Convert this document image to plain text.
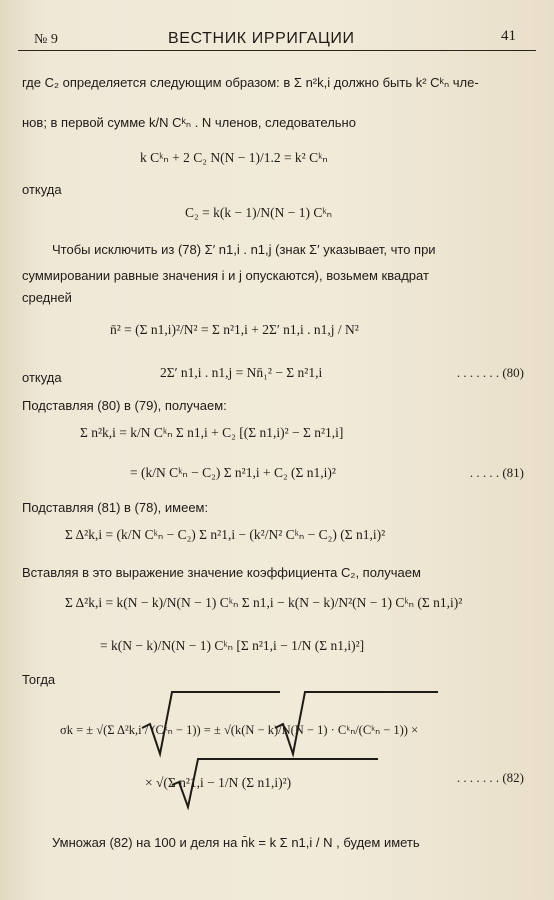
№ 9	ВЕСТНИК ИРРИГАЦИИ	41
где C₂ определяется следующим образом: в Σ n²k,i должно быть k² Cᵏₙ чле-
нов; в первой сумме k/N Cᵏₙ . N членов, следовательно
k Cᵏₙ + 2 C₂ N(N − 1)/1.2 = k² Cᵏₙ
откуда
C₂ = k(k − 1)/N(N − 1) Cᵏₙ
Чтобы исключить из (78) Σ′ n1,i . n1,j (знак Σ′ указывает, что при
суммировании равные значения i и j опускаются), возьмем квадрат
средней
n̄² = (Σ n1,i)²/N² = Σ n²1,i + 2Σ′ n1,i . n1,j / N²
откуда	2Σ′ n1,i . n1,j = Nn̄₁² − Σ n²1,i	. . . . . . . (80)
Подставляя (80) в (79), получаем:
Σ n²k,i = k/N Cᵏₙ Σ n1,i + C₂ [(Σ n1,i)² − Σ n²1,i]
= (k/N Cᵏₙ − C₂) Σ n²1,i + C₂ (Σ n1,i)²	. . . . . (81)
Подставляя (81) в (78), имеем:
Σ Δ²k,i = (k/N Cᵏₙ − C₂) Σ n²1,i − (k²/N² Cᵏₙ − C₂) (Σ n1,i)²
Вставляя в это выражение значение коэффициента C₂, получаем
Σ Δ²k,i = k(N − k)/N(N − 1) Cᵏₙ Σ n1,i − k(N − k)/N²(N − 1) Cᵏₙ (Σ n1,i)²
= k(N − k)/N(N − 1) Cᵏₙ [Σ n²1,i − 1/N (Σ n1,i)²]
Тогда
σk = ± √(Σ Δ²k,i / (Cᵏₙ − 1)) = ± √(k(N − k)/N(N − 1) · Cᵏₙ/(Cᵏₙ − 1)) ×
× √(Σ n²1,i − 1/N (Σ n1,i)²)	. . . . . . . (82)
Умножая (82) на 100 и деля на n̄k = k Σ n1,i / N , будем иметь
